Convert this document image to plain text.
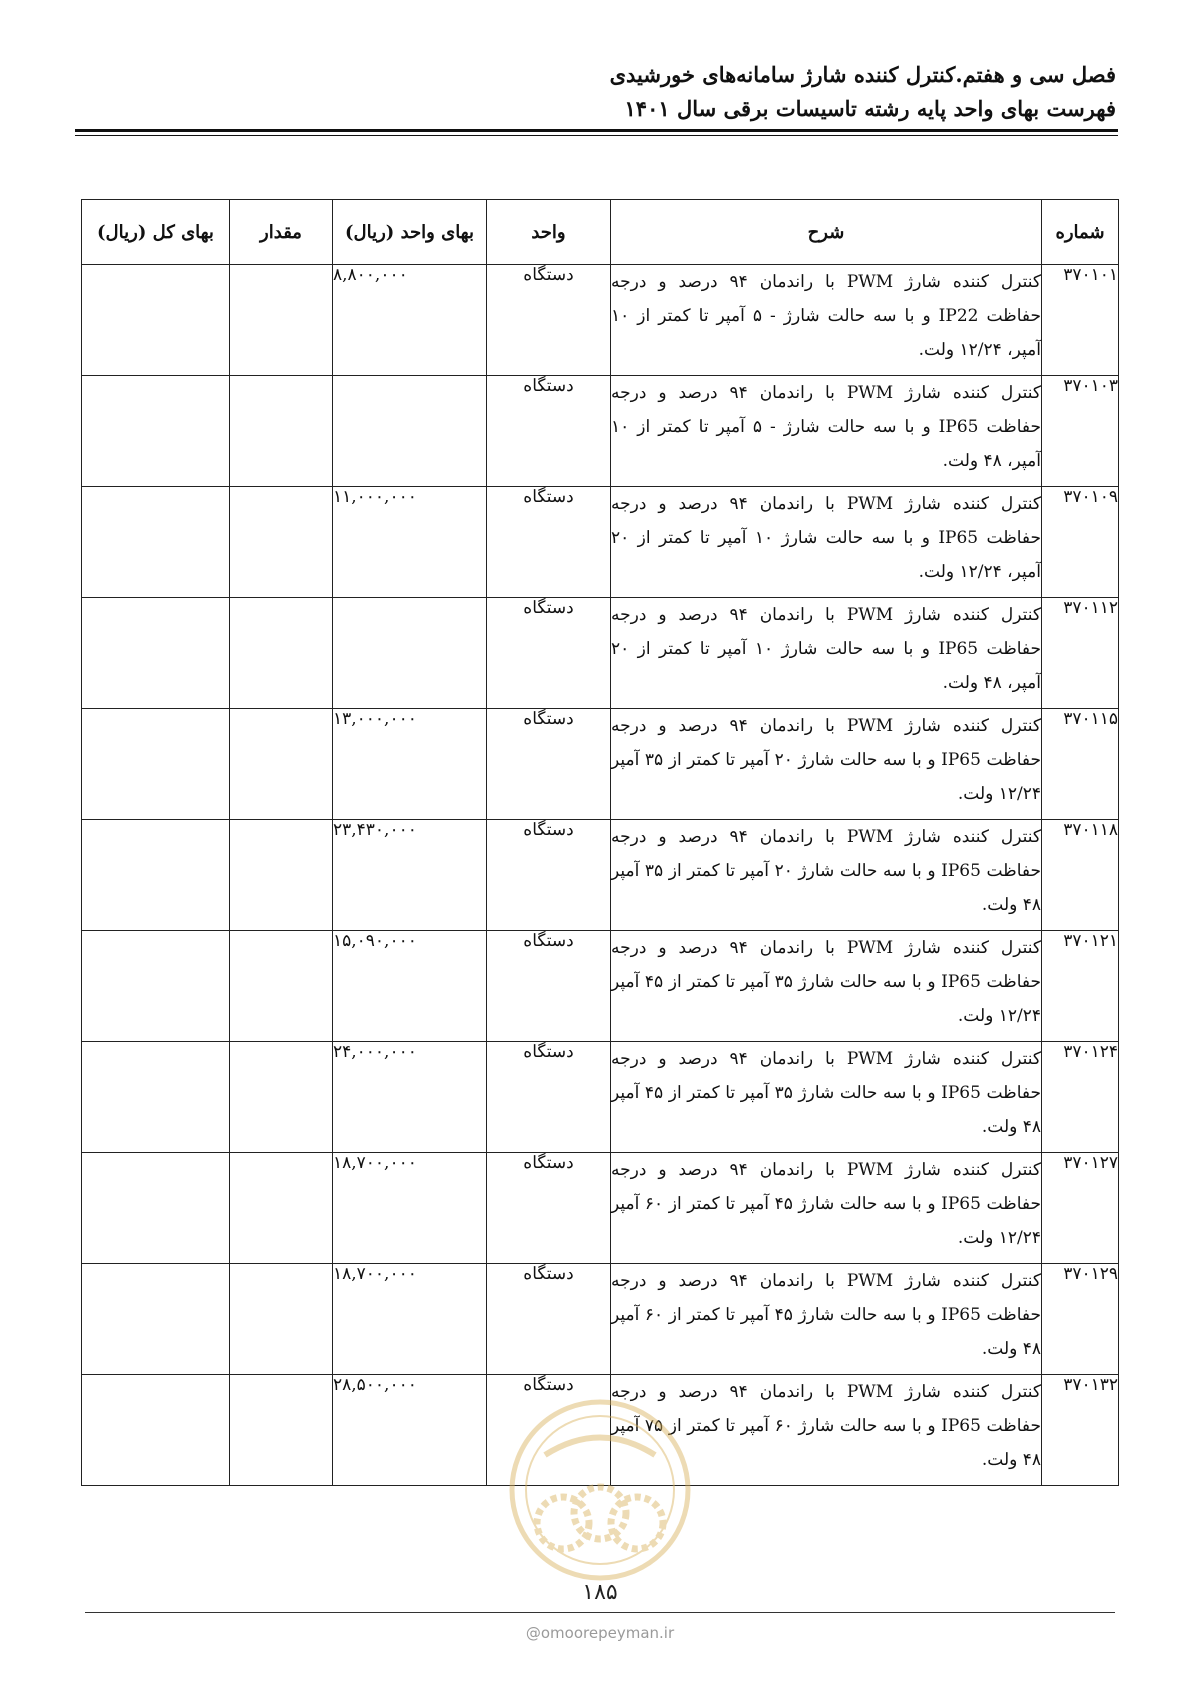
فصل سی و هفتم.کنترل کننده شارژ سامانه‌های خورشیدی
فهرست بهای واحد پایه رشته تاسیسات برقی سال ۱۴۰۱
شماره	شرح	واحد	بهای واحد (ریال)	مقدار	بهای کل (ریال)
۳۷۰۱۰۱	کنترل کننده شارژ PWM با راندمان ۹۴ درصد و درجه حفاظت IP22 و با سه حالت شارژ - ۵ آمپر تا کمتر از ۱۰ آمپر، ۱۲/۲۴ ولت.	دستگاه	۸,۸۰۰,۰۰۰		
۳۷۰۱۰۳	کنترل کننده شارژ PWM با راندمان ۹۴ درصد و درجه حفاظت IP65 و با سه حالت شارژ - ۵ آمپر تا کمتر از ۱۰ آمپر، ۴۸ ولت.	دستگاه			
۳۷۰۱۰۹	کنترل کننده شارژ PWM با راندمان ۹۴ درصد و درجه حفاظت IP65 و با سه حالت شارژ ۱۰ آمپر تا کمتر از ۲۰ آمپر، ۱۲/۲۴ ولت.	دستگاه	۱۱,۰۰۰,۰۰۰		
۳۷۰۱۱۲	کنترل کننده شارژ PWM با راندمان ۹۴ درصد و درجه حفاظت IP65 و با سه حالت شارژ ۱۰ آمپر تا کمتر از ۲۰ آمپر، ۴۸ ولت.	دستگاه			
۳۷۰۱۱۵	کنترل کننده شارژ PWM با راندمان ۹۴ درصد و درجه حفاظت IP65 و با سه حالت شارژ ۲۰ آمپر تا کمتر از ۳۵ آمپر ۱۲/۲۴ ولت.	دستگاه	۱۳,۰۰۰,۰۰۰		
۳۷۰۱۱۸	کنترل کننده شارژ PWM با راندمان ۹۴ درصد و درجه حفاظت IP65 و با سه حالت شارژ ۲۰ آمپر تا کمتر از ۳۵ آمپر ۴۸ ولت.	دستگاه	۲۳,۴۳۰,۰۰۰		
۳۷۰۱۲۱	کنترل کننده شارژ PWM با راندمان ۹۴ درصد و درجه حفاظت IP65 و با سه حالت شارژ ۳۵ آمپر تا کمتر از ۴۵ آمپر ۱۲/۲۴ ولت.	دستگاه	۱۵,۰۹۰,۰۰۰		
۳۷۰۱۲۴	کنترل کننده شارژ PWM با راندمان ۹۴ درصد و درجه حفاظت IP65 و با سه حالت شارژ ۳۵ آمپر تا کمتر از ۴۵ آمپر ۴۸ ولت.	دستگاه	۲۴,۰۰۰,۰۰۰		
۳۷۰۱۲۷	کنترل کننده شارژ PWM با راندمان ۹۴ درصد و درجه حفاظت IP65 و با سه حالت شارژ ۴۵ آمپر تا کمتر از ۶۰ آمپر ۱۲/۲۴ ولت.	دستگاه	۱۸,۷۰۰,۰۰۰		
۳۷۰۱۲۹	کنترل کننده شارژ PWM با راندمان ۹۴ درصد و درجه حفاظت IP65 و با سه حالت شارژ ۴۵ آمپر تا کمتر از ۶۰ آمپر ۴۸ ولت.	دستگاه	۱۸,۷۰۰,۰۰۰		
۳۷۰۱۳۲	کنترل کننده شارژ PWM با راندمان ۹۴ درصد و درجه حفاظت IP65 و با سه حالت شارژ ۶۰ آمپر تا کمتر از ۷۵ آمپر ۴۸ ولت.	دستگاه	۲۸,۵۰۰,۰۰۰		
۱۸۵
@omoorepeyman.ir
